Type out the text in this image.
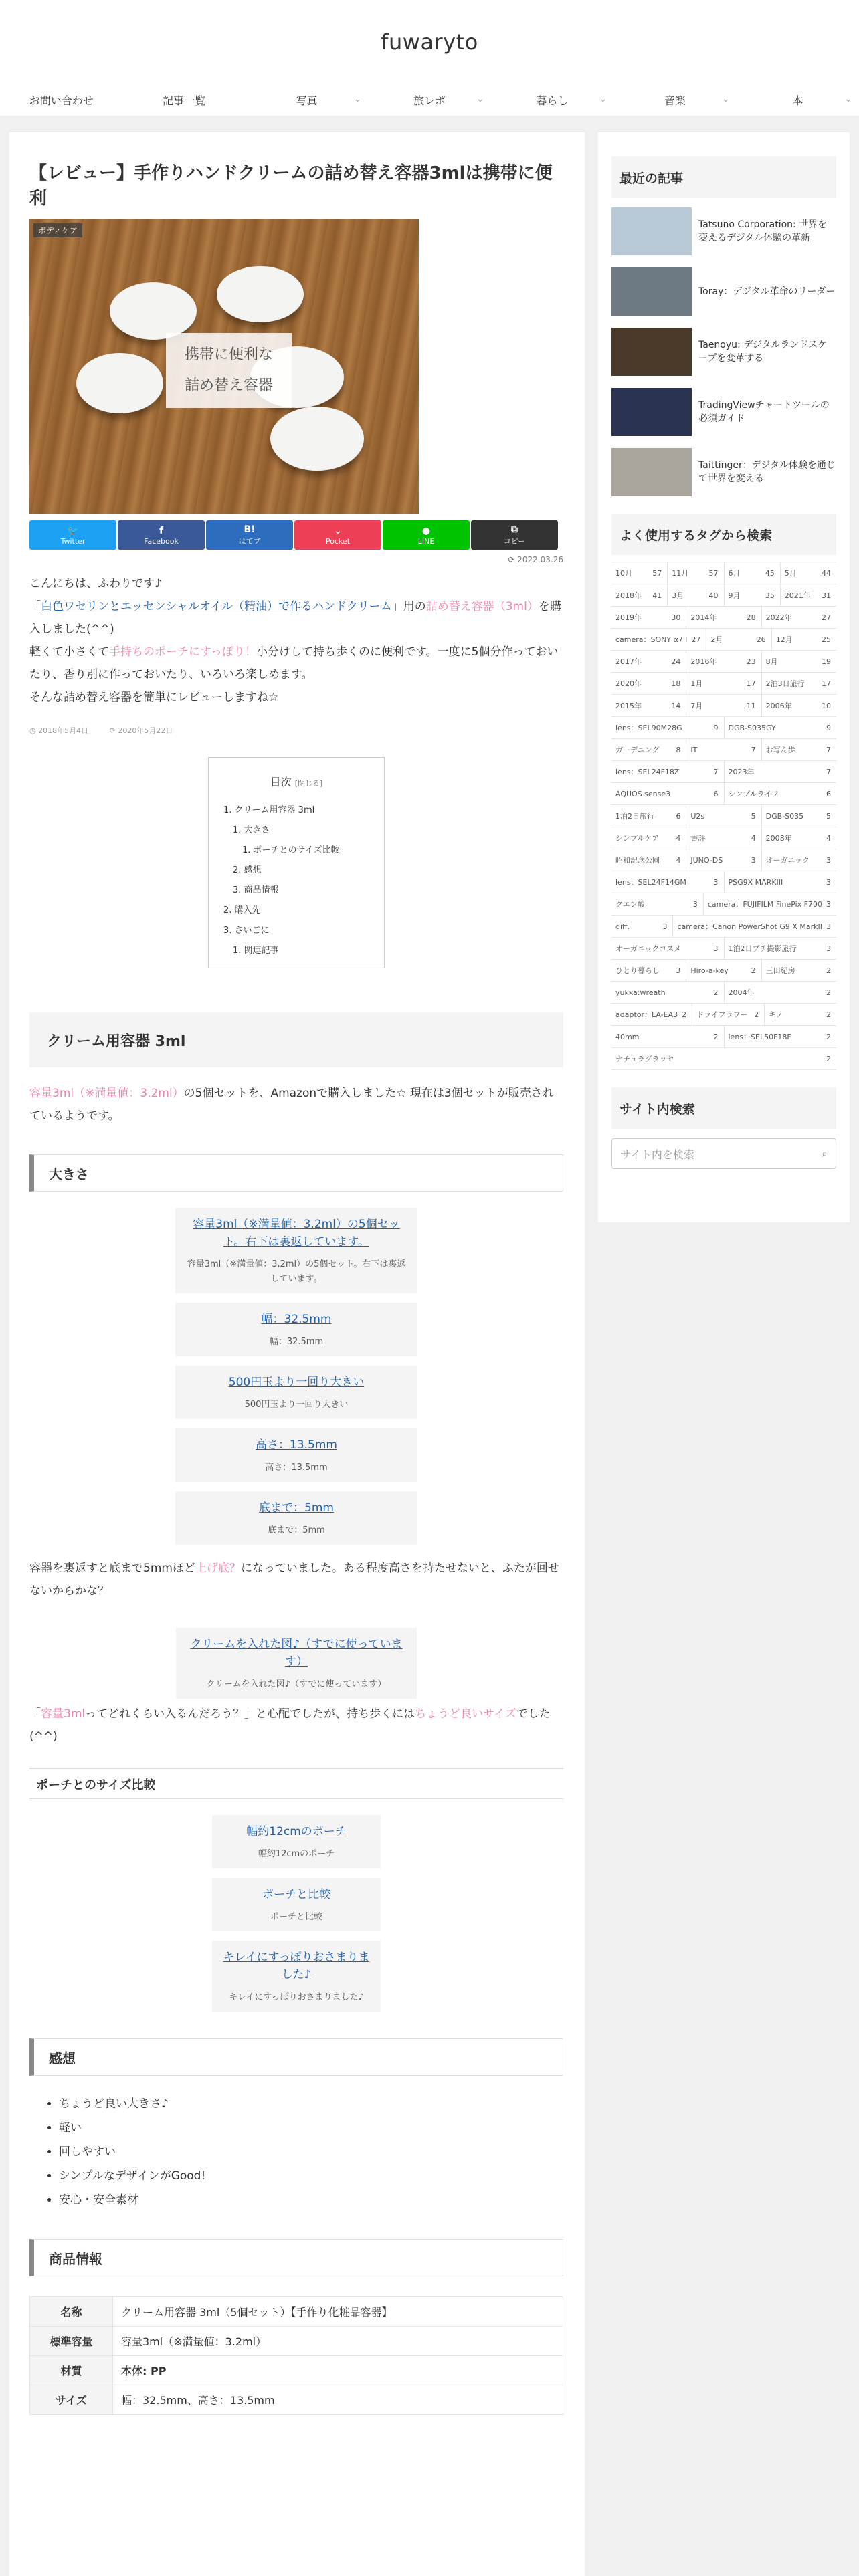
fuwaryto
お問い合わせ	記事一覧	写真	⌄	旅レポ	⌄	暮らし	⌄	音楽	⌄	本	⌄
【レビュー】手作りハンドクリームの詰め替え容器3mlは携帯に便利
ボディケア
携帯に便利な
詰め替え容器
🐦
Twitter
f
Facebook
B!
はてブ
⌄
Pocket
●
LINE
⧉
コピー
⟳ 2022.03.26

こんにちは、ふわりです♪

「白色ワセリンとエッセンシャルオイル（精油）で作るハンドクリーム」用の詰め替え容器（3ml）を購入しました(^^)

軽くて小さくて手持ちのポーチにすっぽり！小分けして持ち歩くのに便利です。一度に5個分作っておいたり、香り別に作っておいたり、いろいろ楽しめます。

そんな詰め替え容器を簡単にレビューしますね☆

◷ 2018年5月4日	⟳ 2020年5月22日
目次 [閉じる]
1. クリーム用容器 3ml
1. 大きさ
1. ポーチとのサイズ比較
2. 感想
3. 商品情報
2. 購入先
3. さいごに
1. 関連記事
クリーム用容器 3ml

容量3ml（※満量値：3.2ml）の5個セットを、Amazonで購入しました☆ 現在は3個セットが販売されているようです。

大きさ
容量3ml（※満量値：3.2ml）の5個セット。右下は裏返しています。
容量3ml（※満量値：3.2ml）の5個セット。右下は裏返しています。
幅：32.5mm
幅：32.5mm
500円玉より一回り大きい
500円玉より一回り大きい
高さ：13.5mm
高さ：13.5mm
底まで：5mm
底まで：5mm

容器を裏返すと底まで5mmほど上げ底？になっていました。ある程度高さを持たせないと、ふたが回せないからかな？

クリームを入れた図♪（すでに使っています）
クリームを入れた図♪（すでに使っています）

「容量3mlってどれくらい入るんだろう？」と心配でしたが、持ち歩くにはちょうど良いサイズでした(^^)

ポーチとのサイズ比較
幅約12cmのポーチ
幅約12cmのポーチ
ポーチと比較
ポーチと比較
キレイにすっぽりおさまりました♪
キレイにすっぽりおさまりました♪
感想
• ちょうど良い大きさ♪
• 軽い
• 回しやすい
• シンプルなデザインがGood!
• 安心・安全素材
商品情報
名称	クリーム用容器 3ml（5個セット）【手作り化粧品容器】
標準容量	容量3ml（※満量値：3.2ml）
材質	本体: PP
サイズ	幅：32.5mm、高さ：13.5mm
最近の記事
Tatsuno Corporation: 世界を変えるデジタル体験の革新
Toray：デジタル革命のリーダー
Taenoyu: デジタルランドスケープを変革する
TradingViewチャートツールの必須ガイド
Taittinger：デジタル体験を通じて世界を変える
よく使用するタグから検索
10月	57 11月	57 6月	45 5月	44
2018年 41 3月	40 9月	35 2021年 31
2019年	30 2014年	28 2022年	27
camera：SONY α7II 27 2月	26 12月	25
2017年	24 2016年	23 8月	19
2020年	18 1月	17 2泊3日旅行 17
2015年	14 7月	11 2006年	10
lens：SEL90M28G	9 DGB-S035GY	9
ガーデニング 8 IT	7 お写ん歩	7
lens：SEL24F18Z	7 2023年	7
AQUOS sense3	6 シンプルライフ	6
1泊2日旅行	6 U2s	5 DGB-S035	5
シンプルケア 4 書評	4 2008年	4
昭和記念公園 4 JUNO-DS	3 オーガニック 3
lens：SEL24F14GM	3 PSG9X MARKIII	3
クエン酸	3 camera：FUJIFILM FinePix F700 3
diff.	3 camera：Canon PowerShot G9 X MarkII 3
オーガニックコスメ	3 1泊2日プチ撮影旅行	3
ひとり暮らし 3 Hiro-a-key	2 三田紀房	2
yukka:wreath	2 2004年	2
adaptor：LA-EA3 2 ドライフラワー 2 キノ	2
40mm	2 lens：SEL50F18F	2
ナチュラグラッセ	2
サイト内検索
サイト内を検索	⌕
